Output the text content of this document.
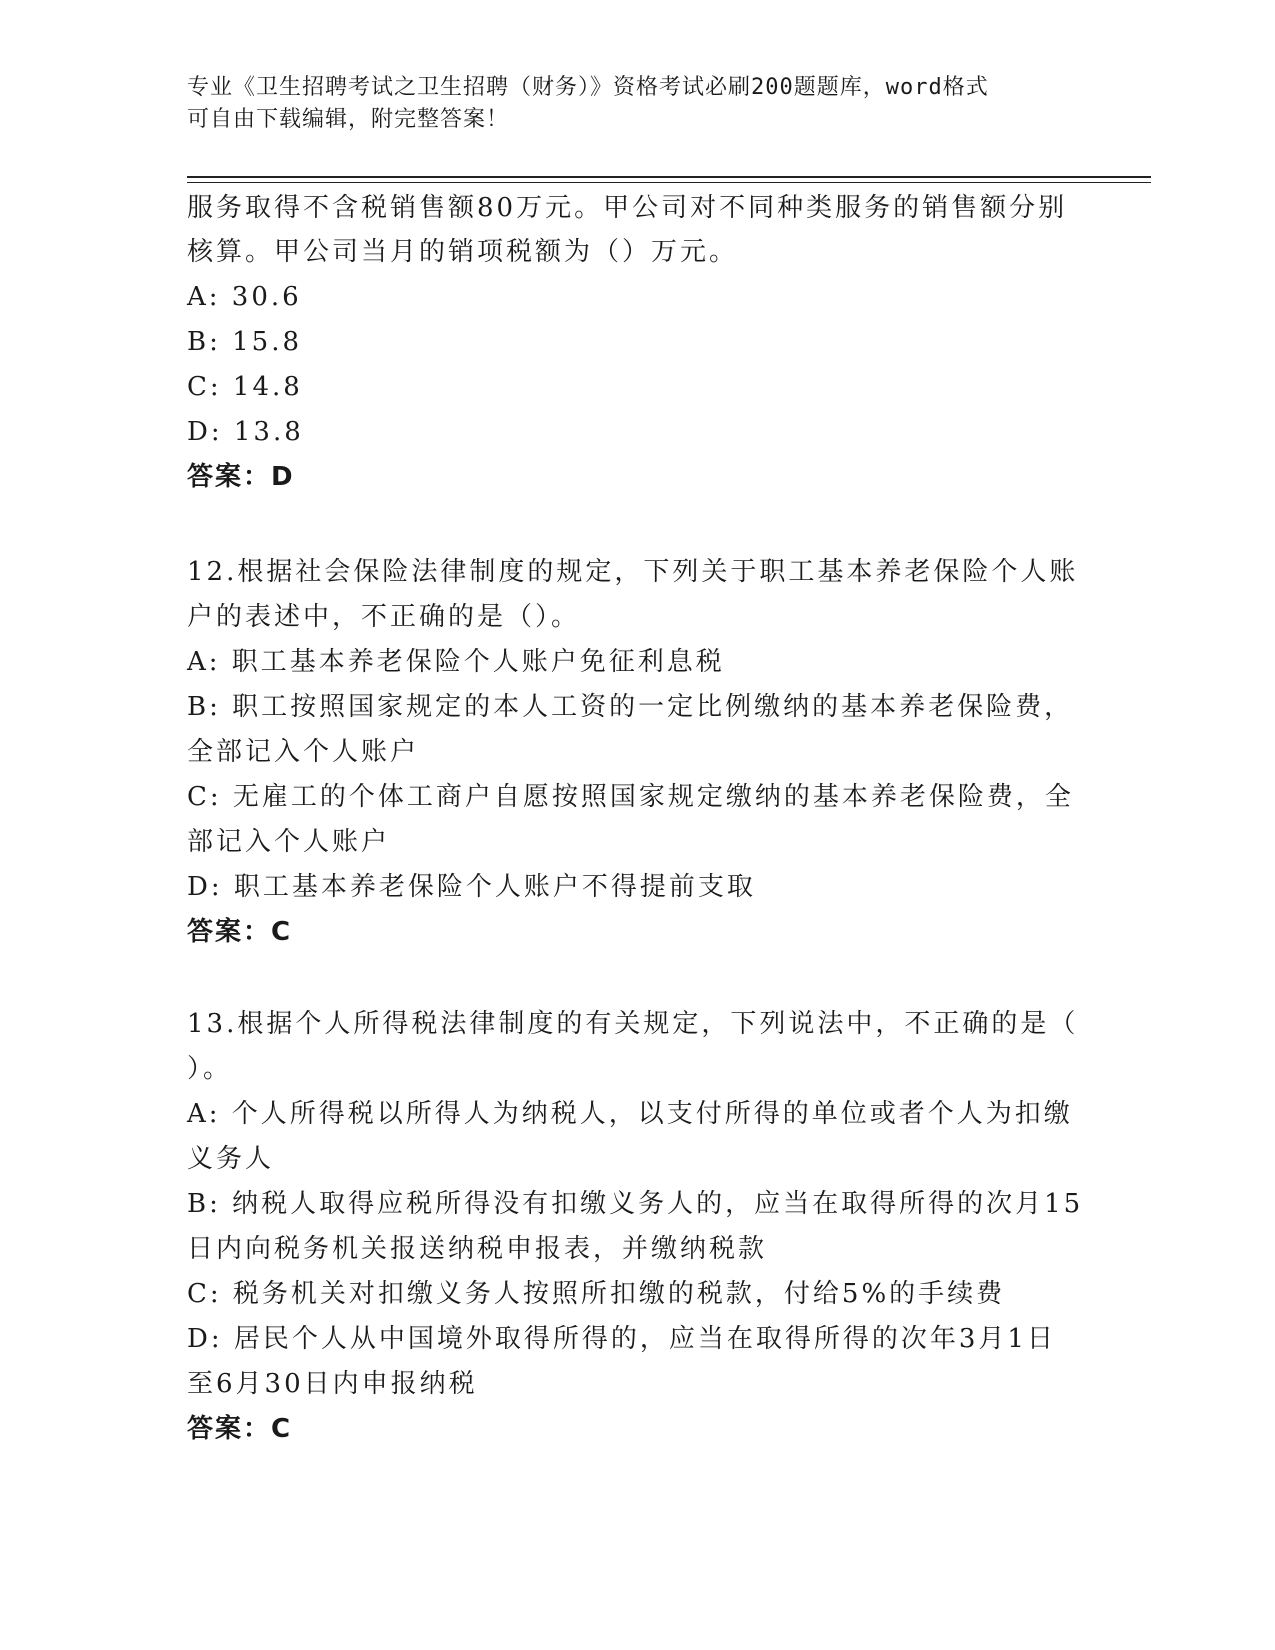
专业《卫生招聘考试之卫生招聘（财务）》资格考试必刷200题题库，word格式
可自由下载编辑，附完整答案！
服务取得不含税销售额80万元。甲公司对不同种类服务的销售额分别
核算。甲公司当月的销项税额为（）万元。
A: 30.6
B: 15.8
C: 14.8
D: 13.8
答案：D
12.根据社会保险法律制度的规定，下列关于职工基本养老保险个人账
户的表述中，不正确的是（）。
A: 职工基本养老保险个人账户免征利息税
B: 职工按照国家规定的本人工资的一定比例缴纳的基本养老保险费，
全部记入个人账户
C: 无雇工的个体工商户自愿按照国家规定缴纳的基本养老保险费，全
部记入个人账户
D: 职工基本养老保险个人账户不得提前支取
答案：C
13.根据个人所得税法律制度的有关规定，下列说法中，不正确的是（
）。
A: 个人所得税以所得人为纳税人，以支付所得的单位或者个人为扣缴
义务人
B: 纳税人取得应税所得没有扣缴义务人的，应当在取得所得的次月15
日内向税务机关报送纳税申报表，并缴纳税款
C: 税务机关对扣缴义务人按照所扣缴的税款，付给5%的手续费
D: 居民个人从中国境外取得所得的，应当在取得所得的次年3月1日
至6月30日内申报纳税
答案：C
